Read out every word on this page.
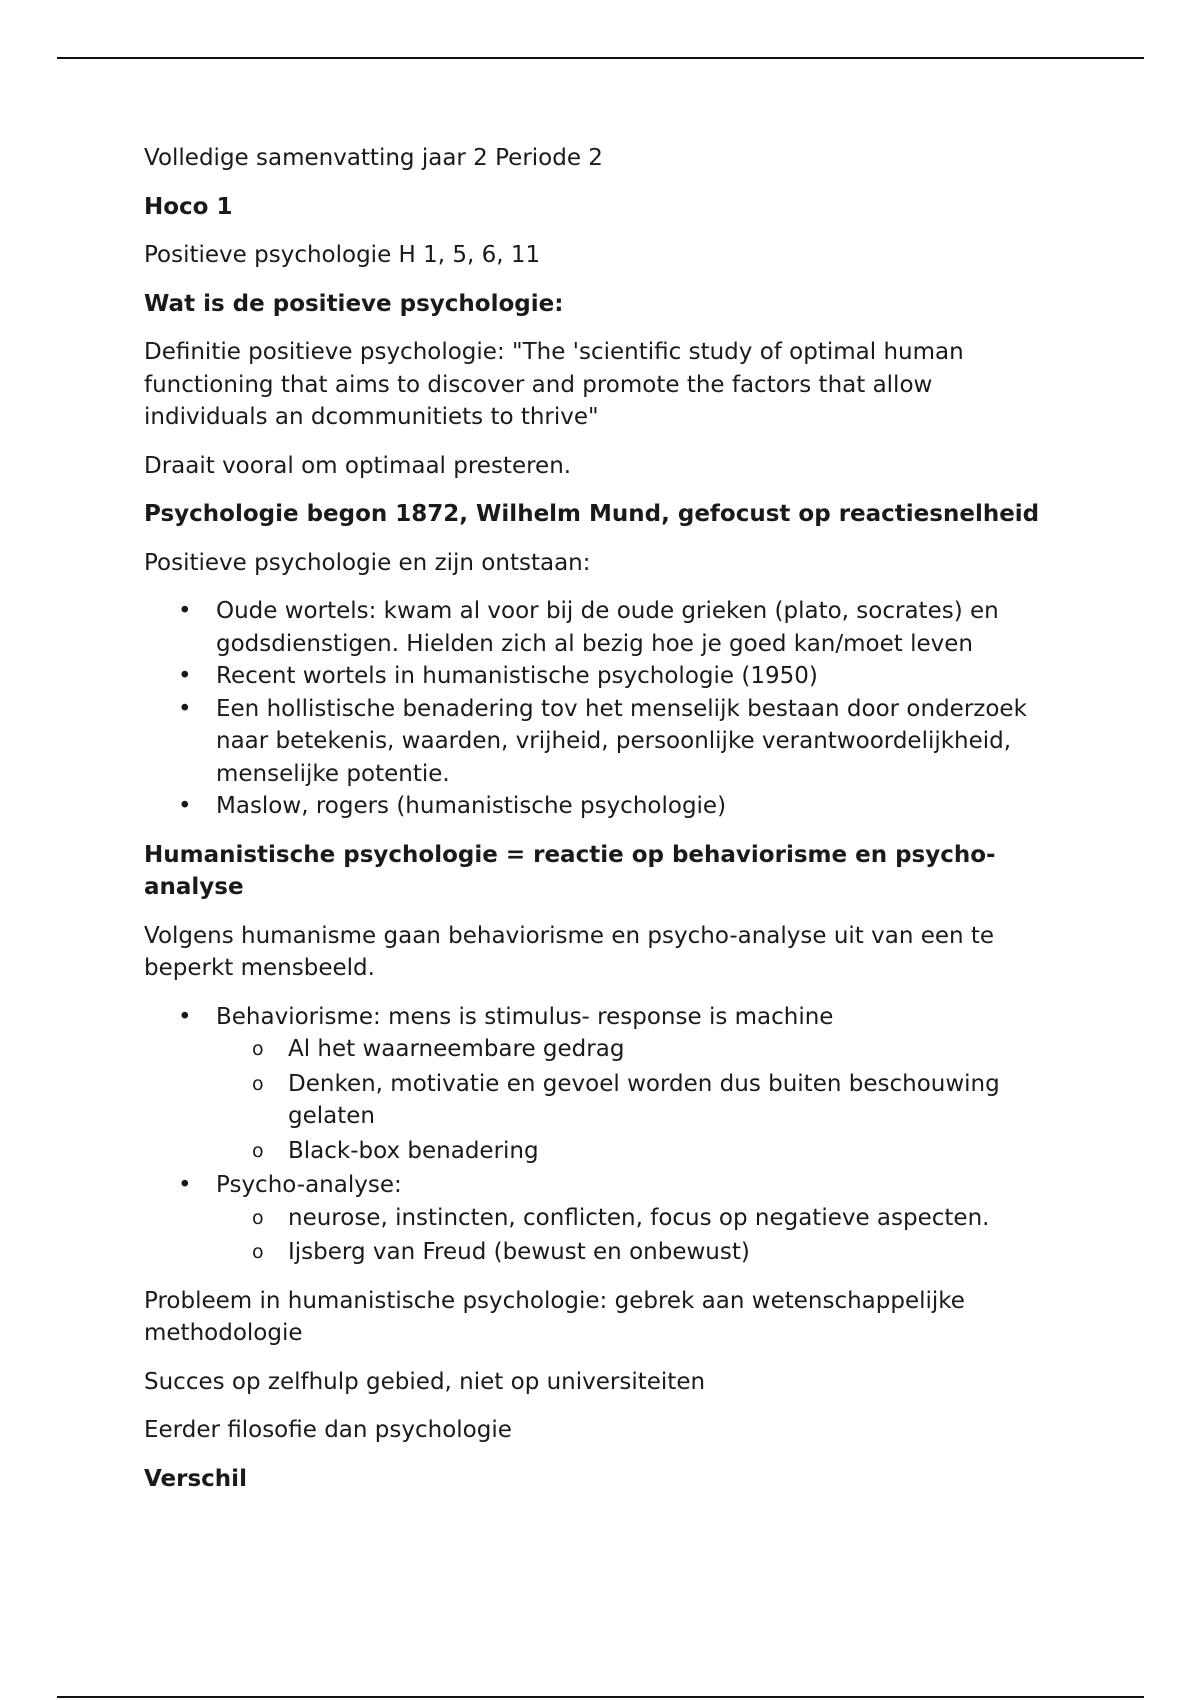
Volledige samenvatting jaar 2 Periode 2

Hoco 1

Positieve psychologie H 1, 5, 6, 11

Wat is de positieve psychologie:

Definitie positieve psychologie: "The 'scientific study of optimal human functioning that aims to discover and promote the factors that allow individuals an dcommunitiets to thrive"

Draait vooral om optimaal presteren.

Psychologie begon 1872, Wilhelm Mund, gefocust op reactiesnelheid

Positieve psychologie en zijn ontstaan:

• Oude wortels: kwam al voor bij de oude grieken (plato, socrates) en godsdienstigen. Hielden zich al bezig hoe je goed kan/moet leven
• Recent wortels in humanistische psychologie (1950)
• Een hollistische benadering tov het menselijk bestaan door onderzoek naar betekenis, waarden, vrijheid, persoonlijke verantwoordelijkheid, menselijke potentie.
• Maslow, rogers (humanistische psychologie)

Humanistische psychologie = reactie op behaviorisme en psycho-analyse

Volgens humanisme gaan behaviorisme en psycho-analyse uit van een te beperkt mensbeeld.

• Behaviorisme: mens is stimulus- response is machine
o Al het waarneembare gedrag
o Denken, motivatie en gevoel worden dus buiten beschouwing gelaten
o Black-box benadering
• Psycho-analyse:
o neurose, instincten, conflicten, focus op negatieve aspecten.
o Ijsberg van Freud (bewust en onbewust)

Probleem in humanistische psychologie: gebrek aan wetenschappelijke methodologie

Succes op zelfhulp gebied, niet op universiteiten

Eerder filosofie dan psychologie

Verschil
